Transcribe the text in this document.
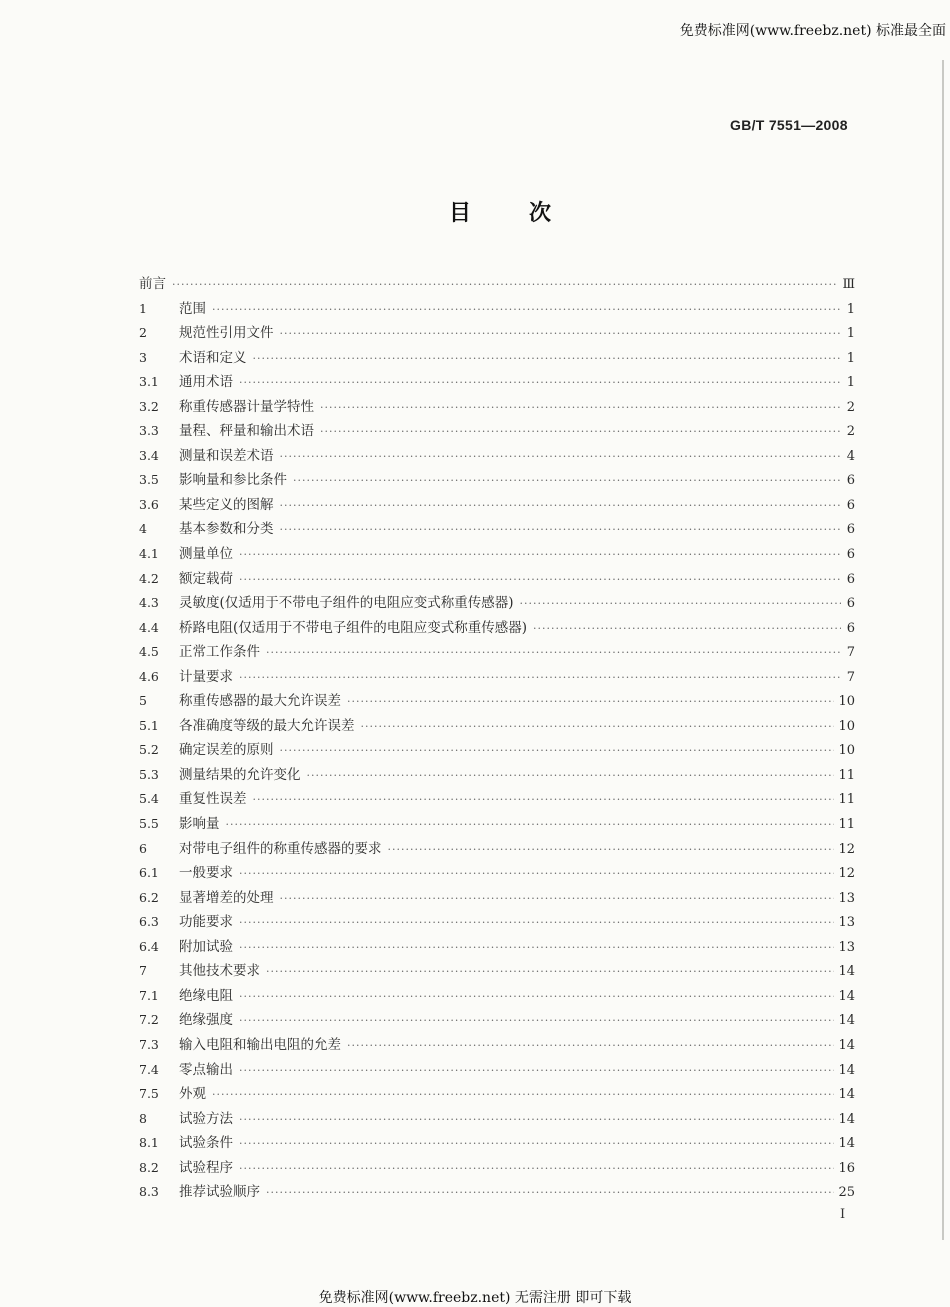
免费标准网(www.freebz.net) 标准最全面
GB/T 7551—2008
目次
前言 ·····	Ⅲ
1	范围 ·····	1
2	规范性引用文件 ·····	1
3	术语和定义 ·····	1
3.1	通用术语 ·····	1
3.2	称重传感器计量学特性 ·····	2
3.3	量程、秤量和输出术语 ·····	2
3.4	测量和误差术语 ·····	4
3.5	影响量和参比条件 ·····	6
3.6	某些定义的图解 ·····	6
4	基本参数和分类 ·····	6
4.1	测量单位 ·····	6
4.2	额定载荷 ·····	6
4.3	灵敏度(仅适用于不带电子组件的电阻应变式称重传感器) ·····	6
4.4	桥路电阻(仅适用于不带电子组件的电阻应变式称重传感器) ·····	6
4.5	正常工作条件 ·····	7
4.6	计量要求 ·····	7
5	称重传感器的最大允许误差 ·····	10
5.1	各准确度等级的最大允许误差 ·····	10
5.2	确定误差的原则 ·····	10
5.3	测量结果的允许变化 ·····	11
5.4	重复性误差 ·····	11
5.5	影响量 ·····	11
6	对带电子组件的称重传感器的要求 ·····	12
6.1	一般要求 ·····	12
6.2	显著增差的处理 ·····	13
6.3	功能要求 ·····	13
6.4	附加试验 ·····	13
7	其他技术要求 ·····	14
7.1	绝缘电阻 ·····	14
7.2	绝缘强度 ·····	14
7.3	输入电阻和输出电阻的允差 ·····	14
7.4	零点输出 ·····	14
7.5	外观 ·····	14
8	试验方法 ·····	14
8.1	试验条件 ·····	14
8.2	试验程序 ·····	16
8.3	推荐试验顺序 ·····	25
I
免费标准网(www.freebz.net) 无需注册 即可下载
